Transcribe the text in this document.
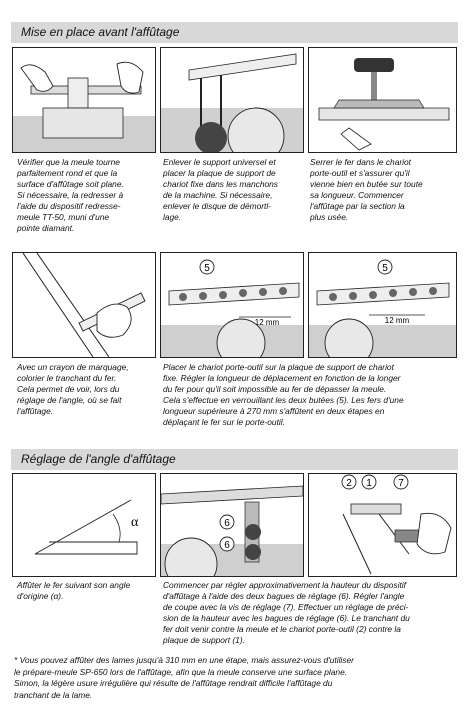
Mise en place avant l'affûtage
Vérifier que la meule tourne
parfaitement rond et que la
surface d'affûtage soit plane.
Si nécessaire, la redresser à
l'aide du dispositif redresse-
meule TT-50, muni d'une
pointe diamant.
Enlever le support universel et
placer la plaque de support de
chariot fixe dans les manchons
de la machine. Si nécessaire,
enlever le disque de démortl-
lage.
Serrer le fer dans le chariot
porte-outil et s'assurer qu'il
vienne bien en butée sur toute
sa longueur. Commencer
l'affûtage par la section la
plus usée.
5
12 mm
5
12 mm
Avec un crayon de marquage,
colorier le tranchant du fer.
Cela permet de voir, lors du
réglage de l'angle, où se fait
l'affûtage.
Placer le chariot porte-outil sur la plaque de support de chariot
fixe. Régler la longueur de déplacement en fonction de la longer
du fer pour qu'il soit impossible au fer de dépasser la meule.
Cela s'effectue en verrouillant les deux butées (5). Les fers d'une
longueur supérieure à 270 mm s'affûtent en deux étapes en
déplaçant le fer sur le porte-outil.
Réglage de l'angle d'affûtage
α	6
6
2 1	7
Affûter le fer suivant son angle
d'origine (α).
Commencer par régler approximativement la hauteur du dispositif
d'affûtage à l'aide des deux bagues de réglage (6). Régler l'angle
de coupe avec la vis de réglage (7). Effectuer un réglage de préci-
sion de la hauteur avec les bagues de réglage (6). Le tranchant du
fer doit venir contre la meule et le chariot porte-outil (2) contre la
plaque de support (1).
* Vous pouvez affûter des lames jusqu'à 310 mm en une étape, mais assurez-vous d'utiliser
le prépare-meule SP-650 lors de l'affûtage, afin que la meule conserve une surface plane.
Simon, la légère usure irrégulière qui résulte de l'affûtage rendrait difficile l'affûtage du
tranchant de la lame.
